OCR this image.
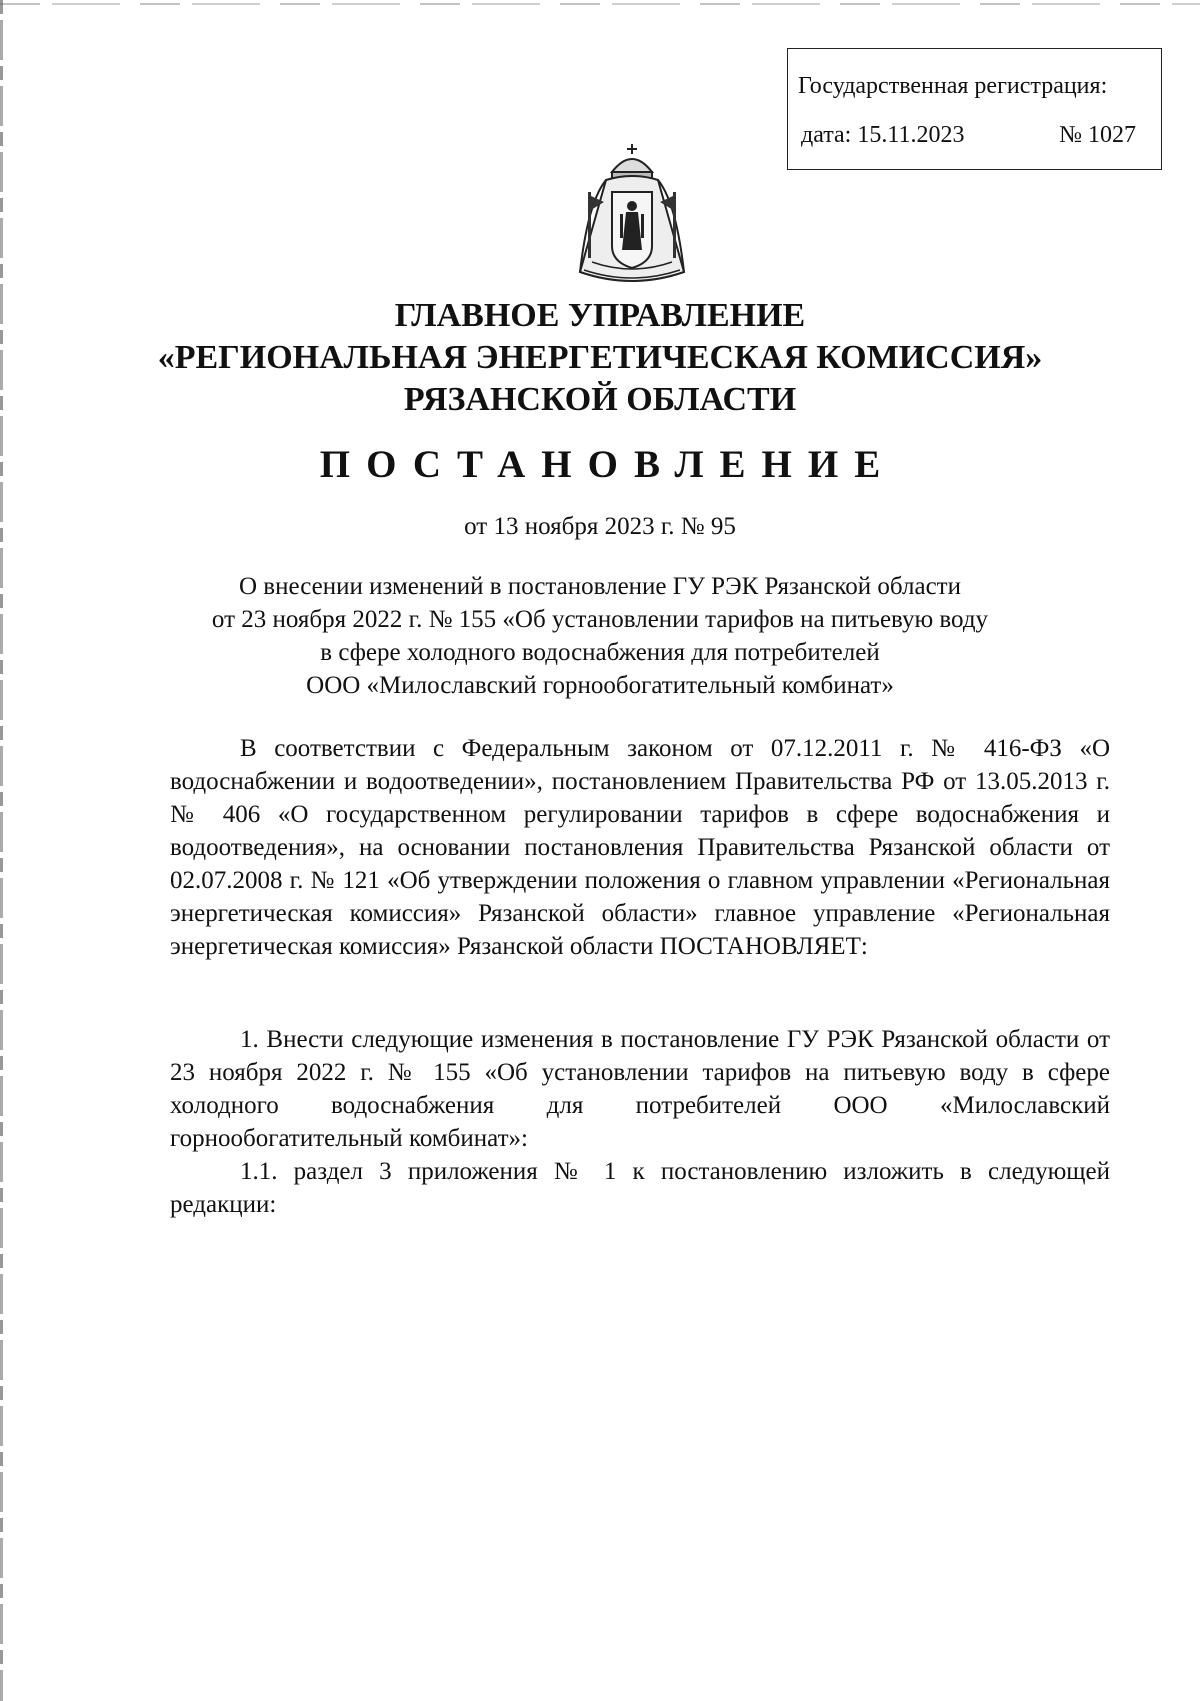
Государственная регистрация:
дата: 15.11.2023	№ 1027
ГЛАВНОЕ УПРАВЛЕНИЕ
«РЕГИОНАЛЬНАЯ ЭНЕРГЕТИЧЕСКАЯ КОМИССИЯ»
РЯЗАНСКОЙ ОБЛАСТИ
ПОСТАНОВЛЕНИЕ
от 13 ноября 2023 г. № 95
О внесении изменений в постановление ГУ РЭК Рязанской области
от 23 ноября 2022 г. № 155 «Об установлении тарифов на питьевую воду
в сфере холодного водоснабжения для потребителей
ООО «Милославский горнообогатительный комбинат»
В соответствии с Федеральным законом от 07.12.2011 г. № 416-ФЗ «О водоснабжении и водоотведении», постановлением Правительства РФ от 13.05.2013 г. № 406 «О государственном регулировании тарифов в сфере водоснабжения и водоотведения», на основании постановления Правительства Рязанской области от 02.07.2008 г. № 121 «Об утверждении положения о главном управлении «Региональная энергетическая комиссия» Рязанской области» главное управление «Региональная энергетическая комиссия» Рязанской области ПОСТАНОВЛЯЕТ:
1. Внести следующие изменения в постановление ГУ РЭК Рязанской области от 23 ноября 2022 г. № 155 «Об установлении тарифов на питьевую воду в сфере холодного водоснабжения для потребителей ООО «Милославский горнообогатительный комбинат»:
1.1. раздел 3 приложения № 1 к постановлению изложить в следующей редакции:
